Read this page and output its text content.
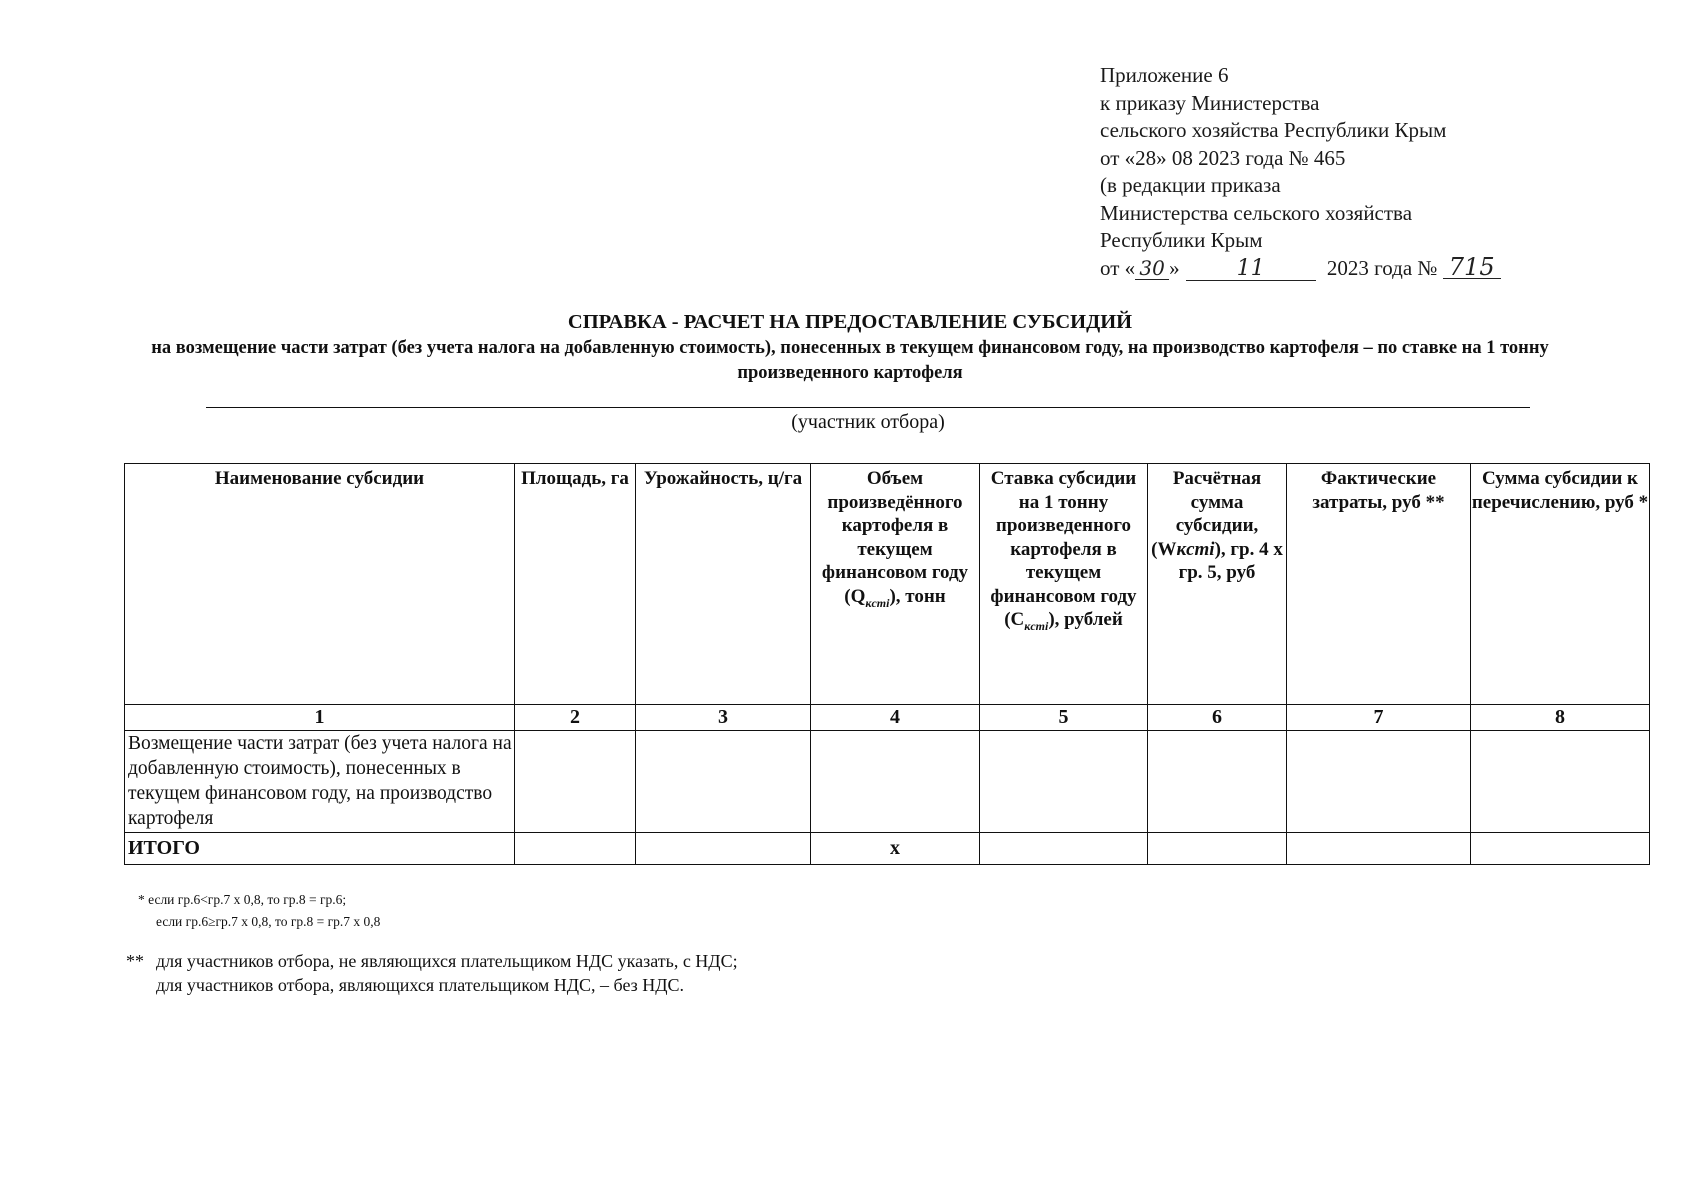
Приложение 6
к приказу Министерства
сельского хозяйства Республики Крым
от «28» 08 2023 года № 465
(в редакции приказа
Министерства сельского хозяйства
Республики Крым
от « 30 »	11	2023 года № 715

СПРАВКА - РАСЧЕТ НА ПРЕДОСТАВЛЕНИЕ СУБСИДИЙ

на возмещение части затрат (без учета налога на добавленную стоимость), понесенных в текущем финансовом году, на производство картофеля – по ставке на 1 тонну произведенного картофеля

(участник отбора)
Наименование субсидии	Площадь, га	Урожайность, ц/га	Объем произведённого картофеля в текущем финансовом году $(Q_{кcmi})$, тонн	Ставка субсидии на 1 тонну произведенного картофеля в текущем финансовом году $(C_{кcmi})$, рублей	Расчётная сумма субсидии, (Wкcmi), гр. 4 х гр. 5, руб	Фактические затраты, руб **	Сумма субсидии к перечислению, руб *
1	2	3	4	5	6	7	8
Возмещение части затрат (без учета налога на добавленную стоимость), понесенных в текущем финансовом году, на производство картофеля							
ИТОГО			х				
* если гр.6<гр.7 х 0,8, то гр.8 = гр.6;
если гр.6≥гр.7 х 0,8, то гр.8 = гр.7 х 0,8
** для участников отбора, не являющихся плательщиком НДС указать, с НДС;
для участников отбора, являющихся плательщиком НДС, – без НДС.
